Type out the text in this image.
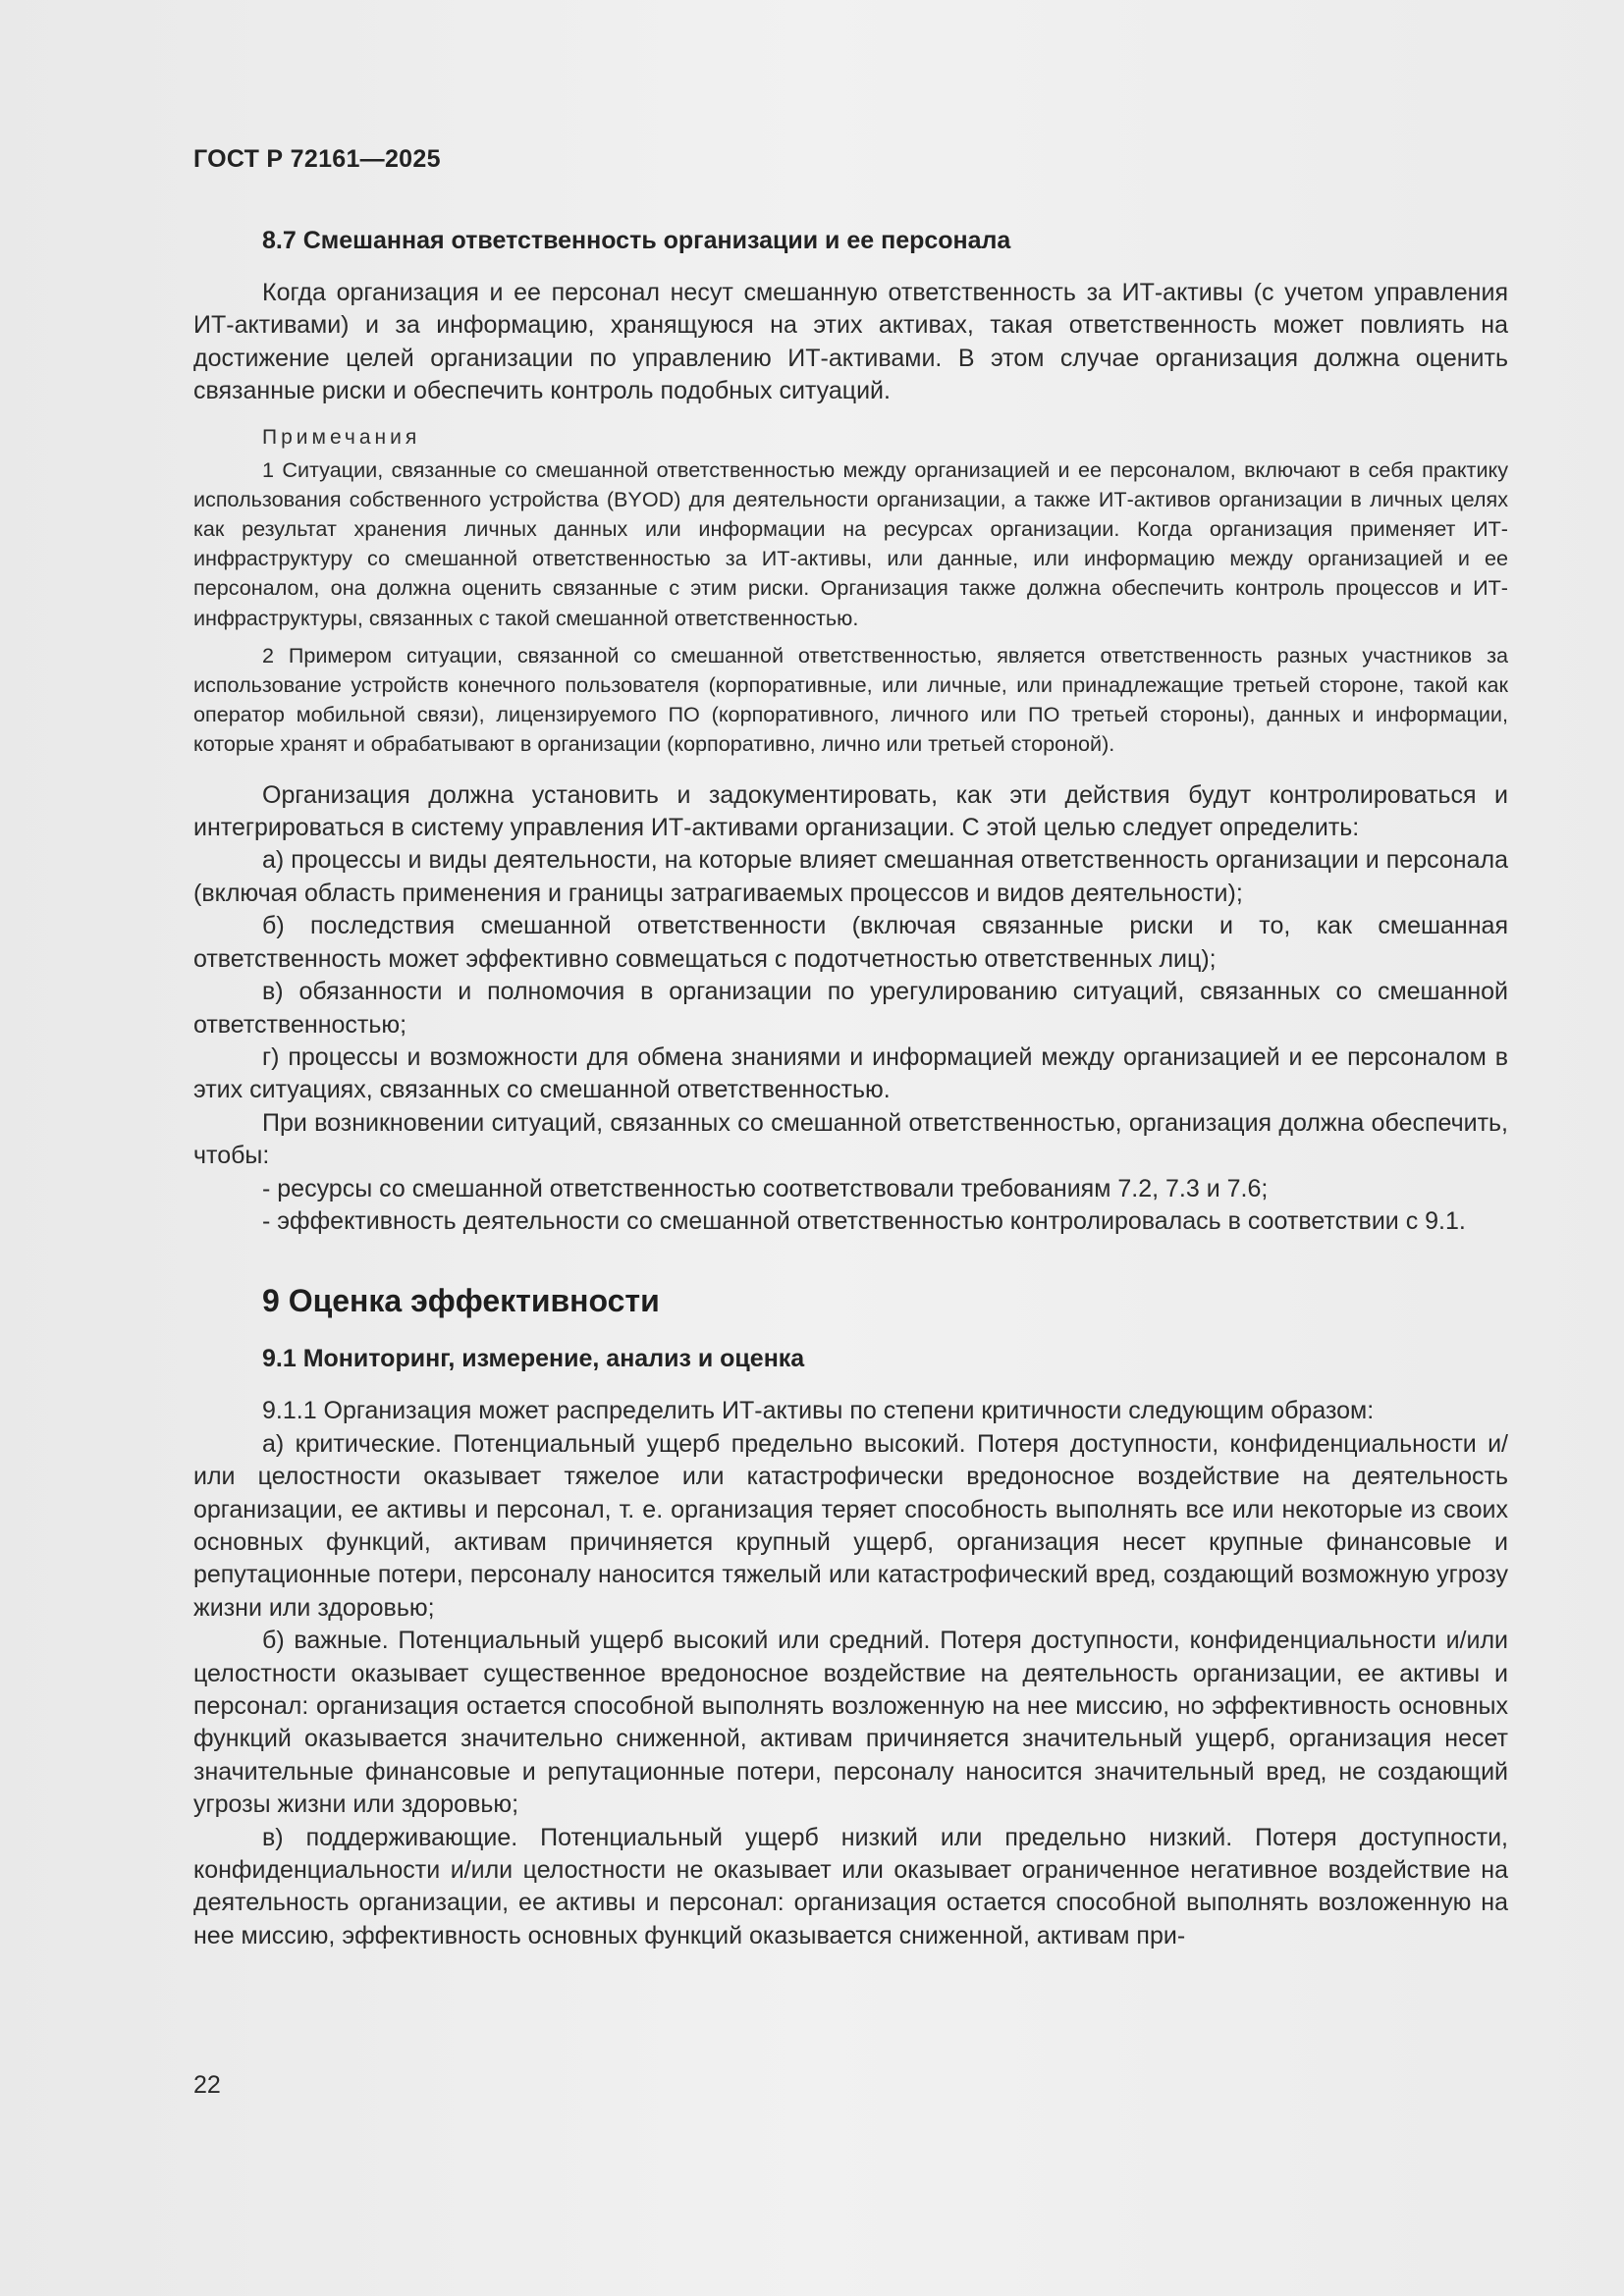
ГОСТ Р 72161—2025
8.7 Смешанная ответственность организации и ее персонала

Когда организация и ее персонал несут смешанную ответственность за ИТ-активы (с учетом управления ИТ-активами) и за информацию, хранящуюся на этих активах, такая ответственность может повлиять на достижение целей организации по управлению ИТ-активами. В этом случае организация должна оценить связанные риски и обеспечить контроль подобных ситуаций.

Примечания

1 Ситуации, связанные со смешанной ответственностью между организацией и ее персоналом, включают в себя практику использования собственного устройства (BYOD) для деятельности организации, а также ИТ-активов организации в личных целях как результат хранения личных данных или информации на ресурсах организации. Когда организация применяет ИТ-инфраструктуру со смешанной ответственностью за ИТ-активы, или данные, или информацию между организацией и ее персоналом, она должна оценить связанные с этим риски. Организация также должна обеспечить контроль процессов и ИТ-инфраструктуры, связанных с такой смешанной ответственностью.

2 Примером ситуации, связанной со смешанной ответственностью, является ответственность разных участников за использование устройств конечного пользователя (корпоративные, или личные, или принадлежащие третьей стороне, такой как оператор мобильной связи), лицензируемого ПО (корпоративного, личного или ПО третьей стороны), данных и информации, которые хранят и обрабатывают в организации (корпоративно, лично или третьей стороной).

Организация должна установить и задокументировать, как эти действия будут контролироваться и интегрироваться в систему управления ИТ-активами организации. С этой целью следует определить:

а) процессы и виды деятельности, на которые влияет смешанная ответственность организации и персонала (включая область применения и границы затрагиваемых процессов и видов деятельности);

б) последствия смешанной ответственности (включая связанные риски и то, как смешанная ответственность может эффективно совмещаться с подотчетностью ответственных лиц);

в) обязанности и полномочия в организации по урегулированию ситуаций, связанных со смешанной ответственностью;

г) процессы и возможности для обмена знаниями и информацией между организацией и ее персоналом в этих ситуациях, связанных со смешанной ответственностью.

При возникновении ситуаций, связанных со смешанной ответственностью, организация должна обеспечить, чтобы:

- ресурсы со смешанной ответственностью соответствовали требованиям 7.2, 7.3 и 7.6;

- эффективность деятельности со смешанной ответственностью контролировалась в соответствии с 9.1.

9 Оценка эффективности
9.1 Мониторинг, измерение, анализ и оценка

9.1.1 Организация может распределить ИТ-активы по степени критичности следующим образом:

а) критические. Потенциальный ущерб предельно высокий. Потеря доступности, конфиденциальности и/или целостности оказывает тяжелое или катастрофически вредоносное воздействие на деятельность организации, ее активы и персонал, т. е. организация теряет способность выполнять все или некоторые из своих основных функций, активам причиняется крупный ущерб, организация несет крупные финансовые и репутационные потери, персоналу наносится тяжелый или катастрофический вред, создающий возможную угрозу жизни или здоровью;

б) важные. Потенциальный ущерб высокий или средний. Потеря доступности, конфиденциальности и/или целостности оказывает существенное вредоносное воздействие на деятельность организации, ее активы и персонал: организация остается способной выполнять возложенную на нее миссию, но эффективность основных функций оказывается значительно сниженной, активам причиняется значительный ущерб, организация несет значительные финансовые и репутационные потери, персоналу наносится значительный вред, не создающий угрозы жизни или здоровью;

в) поддерживающие. Потенциальный ущерб низкий или предельно низкий. Потеря доступности, конфиденциальности и/или целостности не оказывает или оказывает ограниченное негативное воздействие на деятельность организации, ее активы и персонал: организация остается способной выполнять возложенную на нее миссию, эффективность основных функций оказывается сниженной, активам при-

22
